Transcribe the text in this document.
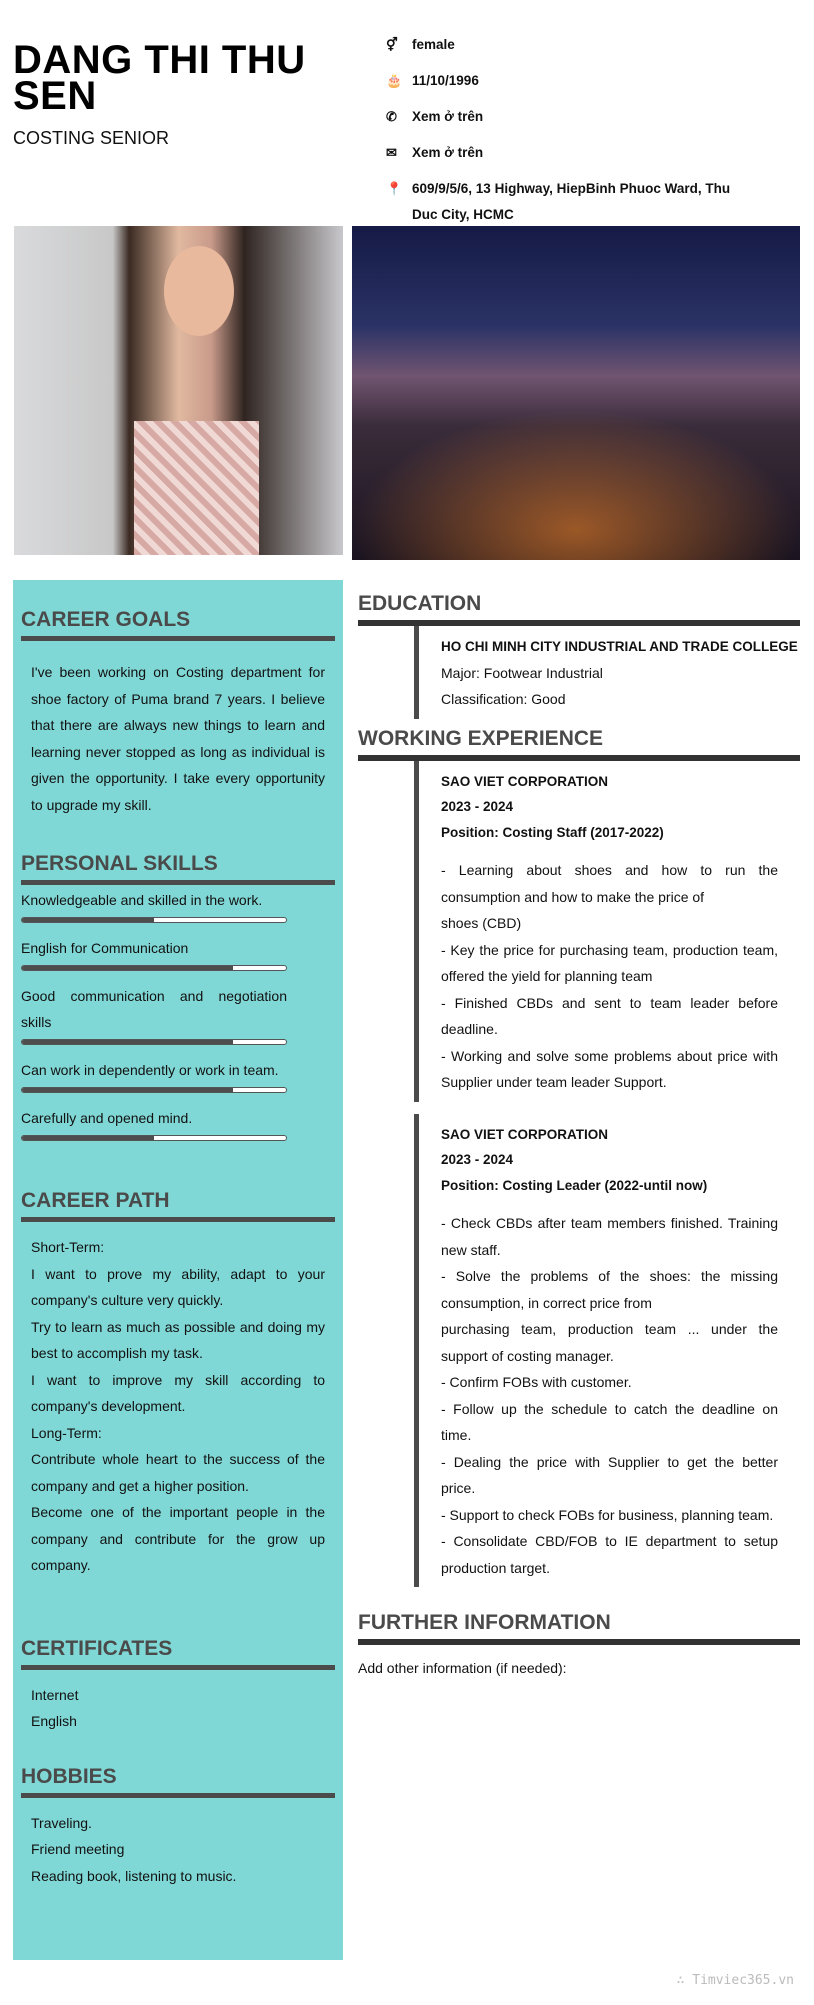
DANG THI THU SEN
COSTING SENIOR
⚥	female
🎂 11/10/1996
✆	Xem ở trên
✉	Xem ở trên
📍 609/9/5/6, 13 Highway, HiepBinh Phuoc Ward, Thu Duc City, HCMC
CAREER GOALS
I've been working on Costing department for shoe factory of Puma brand 7 years. I believe that there are always new things to learn and learning never stopped as long as individual is given the opportunity. I take every opportunity to upgrade my skill.
PERSONAL SKILLS
Knowledgeable and skilled in the work.
English for Communication
Good communication and negotiation skills
Can work in dependently or work in team.
Carefully and opened mind.
CAREER PATH
Short-Term:
I want to prove my ability, adapt to your company's culture very quickly.
Try to learn as much as possible and doing my best to accomplish my task.
I want to improve my skill according to company's development.
Long-Term:
Contribute whole heart to the success of the company and get a higher position.
Become one of the important people in the company and contribute for the grow up company.
CERTIFICATES
Internet
English
HOBBIES
Traveling.
Friend meeting
Reading book, listening to music.
EDUCATION
HO CHI MINH CITY INDUSTRIAL AND TRADE COLLEGE
Major: Footwear Industrial
Classification: Good
WORKING EXPERIENCE
SAO VIET CORPORATION
2023 - 2024
Position: Costing Staff (2017-2022)
- Learning about shoes and how to run the consumption and how to make the price of
shoes (CBD)
- Key the price for purchasing team, production team, offered the yield for planning team
- Finished CBDs and sent to team leader before deadline.
- Working and solve some problems about price with Supplier under team leader Support.
SAO VIET CORPORATION
2023 - 2024
Position: Costing Leader (2022-until now)
- Check CBDs after team members finished. Training new staff.
- Solve the problems of the shoes: the missing consumption, in correct price from
purchasing team, production team ... under the support of costing manager.
- Confirm FOBs with customer.
- Follow up the schedule to catch the deadline on time.
- Dealing the price with Supplier to get the better price.
- Support to check FOBs for business, planning team.
- Consolidate CBD/FOB to IE department to setup production target.
FURTHER INFORMATION
Add other information (if needed):
∴ Timviec365.vn
